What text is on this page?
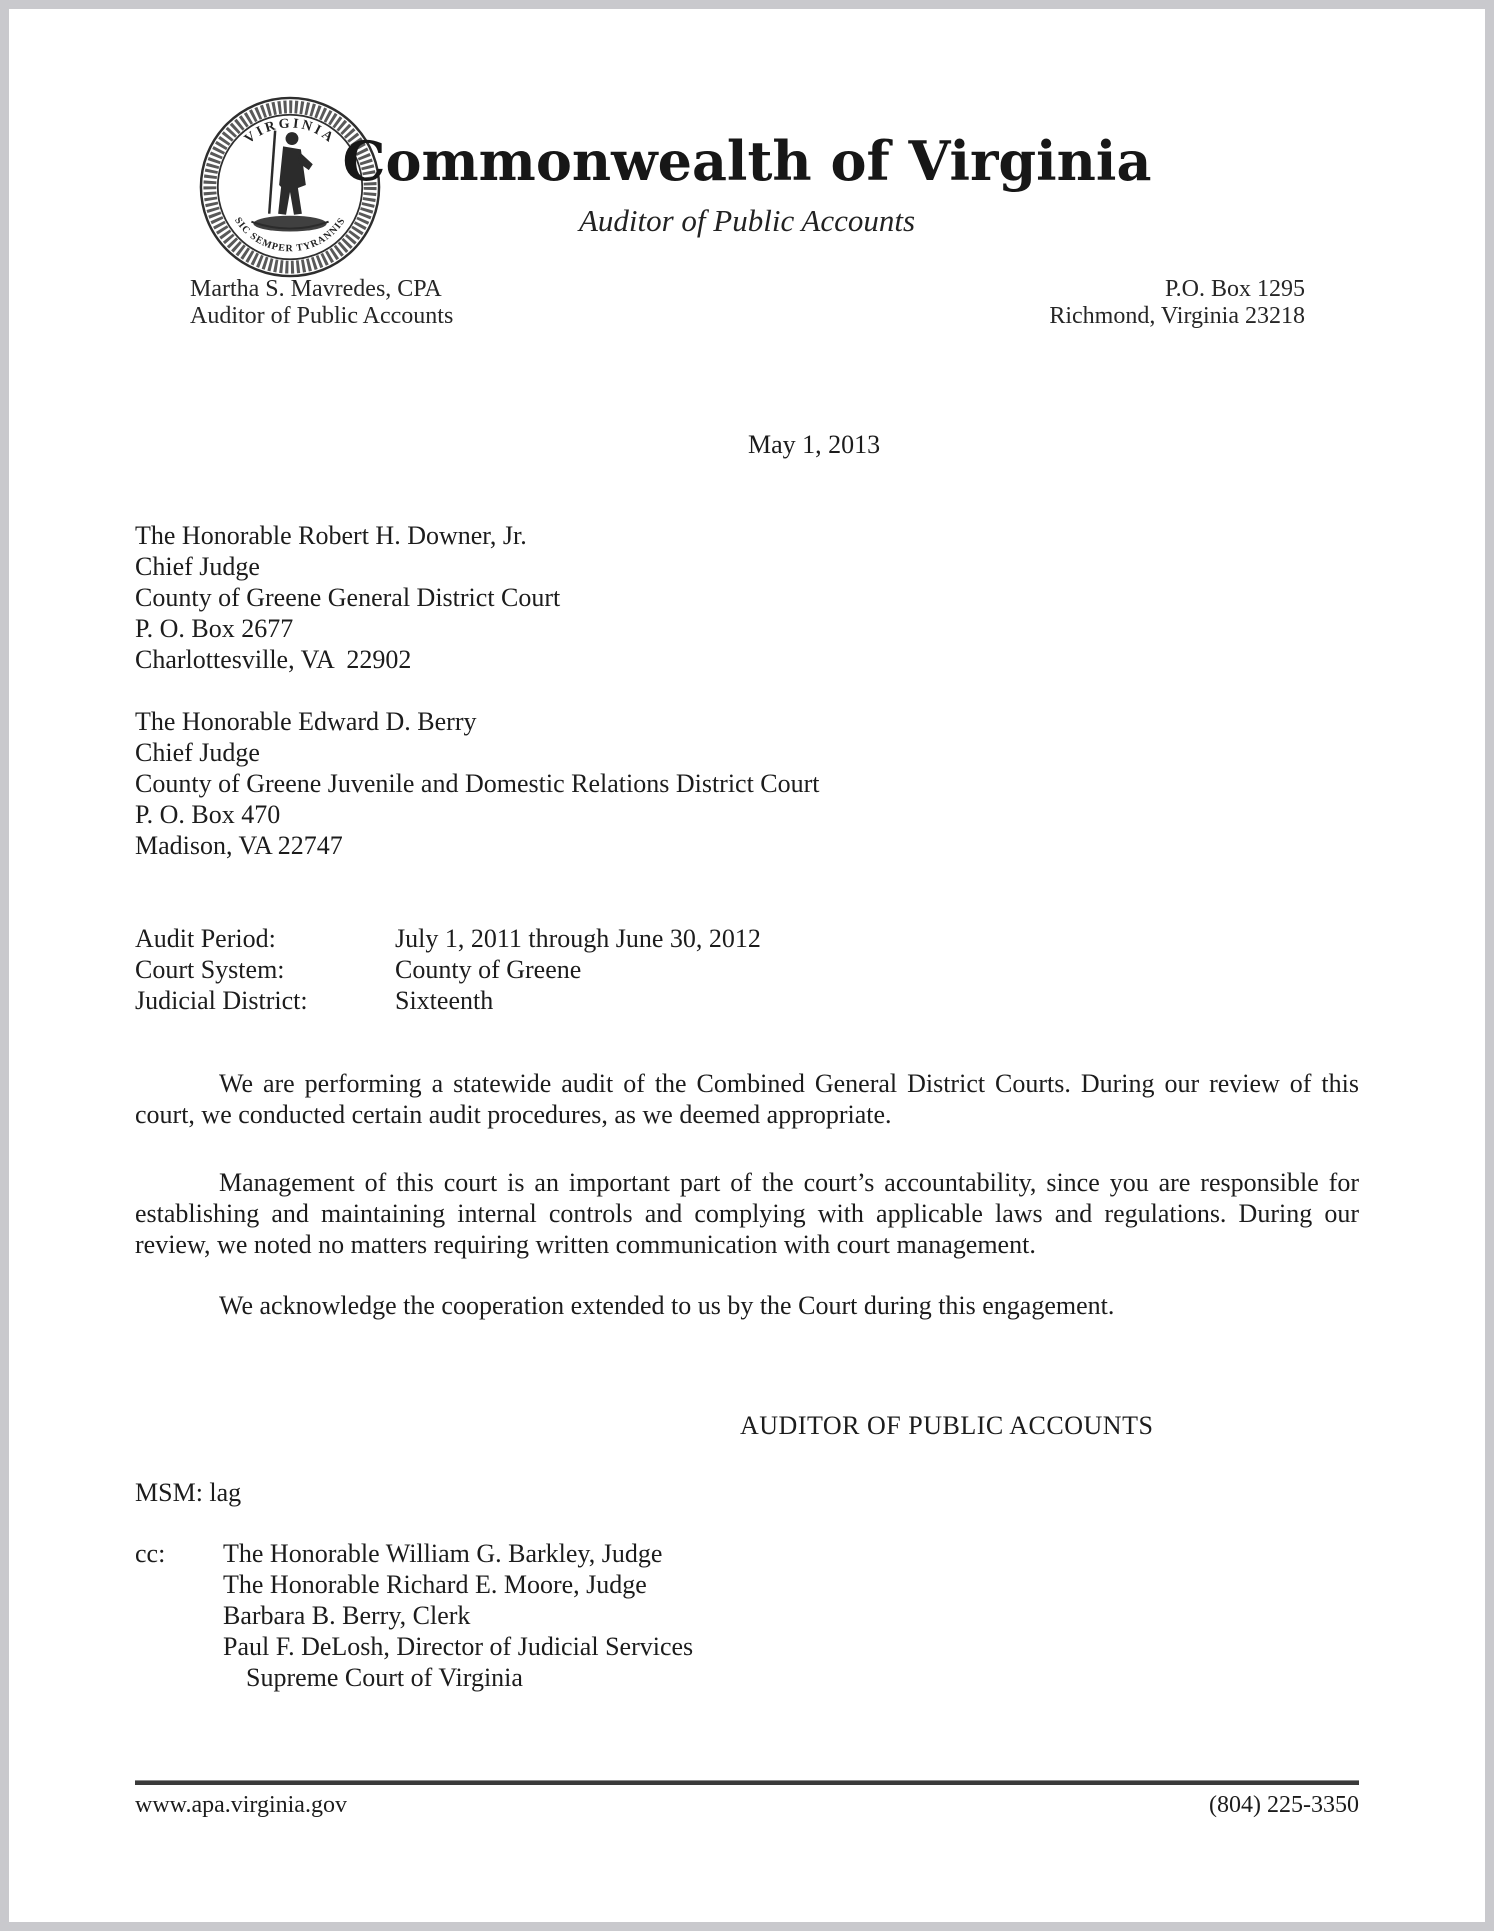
VIRGINIA
SIC SEMPER TYRANNIS
Commonwealth of Virginia
Auditor of Public Accounts
Martha S. Mavredes, CPA
Auditor of Public Accounts
P.O. Box 1295
Richmond, Virginia 23218
May 1, 2013
The Honorable Robert H. Downer, Jr.
Chief Judge
County of Greene General District Court
P. O. Box 2677
Charlottesville, VA  22902
The Honorable Edward D. Berry
Chief Judge
County of Greene Juvenile and Domestic Relations District Court
P. O. Box 470
Madison, VA 22747
Audit Period:	July 1, 2011 through June 30, 2012
Court System:	County of Greene
Judicial District:	Sixteenth

We are performing a statewide audit of the Combined General District Courts. During our review of this court, we conducted certain audit procedures, as we deemed appropriate.

Management of this court is an important part of the court’s accountability, since you are responsible for establishing and maintaining internal controls and complying with applicable laws and regulations. During our review, we noted no matters requiring written communication with court management.

We acknowledge the cooperation extended to us by the Court during this engagement.

AUDITOR OF PUBLIC ACCOUNTS
MSM: lag
cc:	The Honorable William G. Barkley, Judge
The Honorable Richard E. Moore, Judge
Barbara B. Berry, Clerk
Paul F. DeLosh, Director of Judicial Services
Supreme Court of Virginia
www.apa.virginia.gov	(804) 225-3350
